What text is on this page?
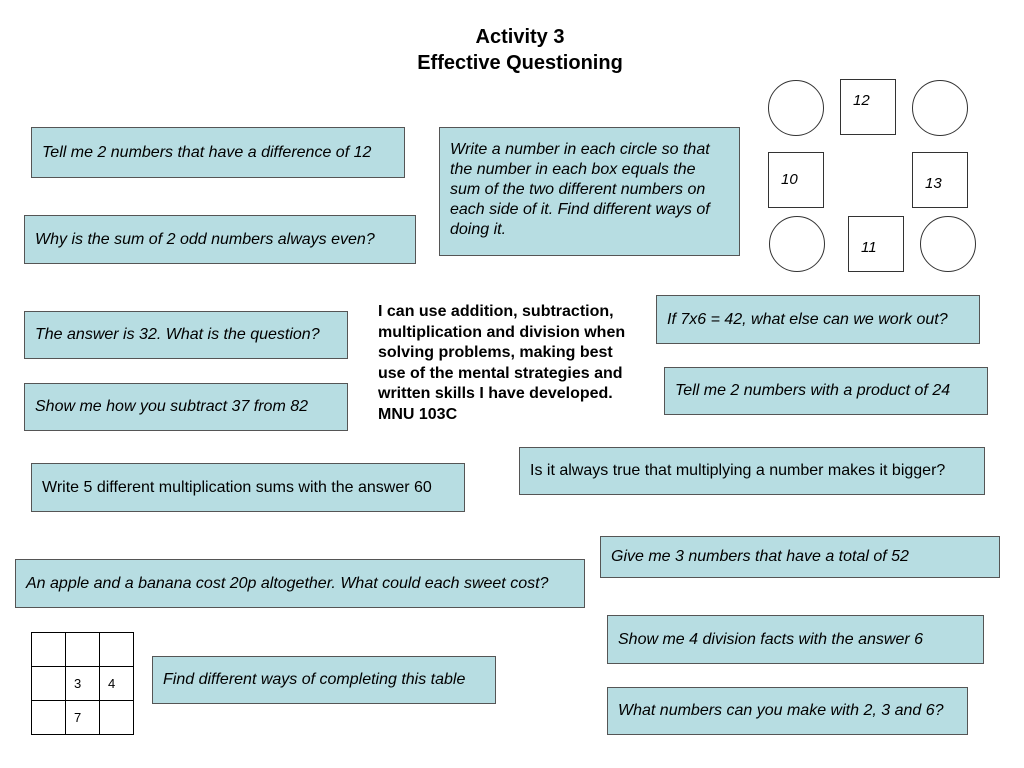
Activity 3
Effective Questioning
Tell me 2 numbers that have a difference of 12
Why is the sum of 2 odd numbers always even?
Write a number in each circle so that the number in each box equals the sum of the two different numbers on each side of it. Find different ways of doing it.
12
10	13
11
The answer is 32. What is the question?
Show me how you subtract 37 from 82
I can use addition, subtraction,
multiplication and division when
solving problems, making best
use of the mental strategies and
written skills I have developed.
MNU 103C
If 7x6 = 42, what else can we work out?
Tell me 2 numbers with a product of 24
Is it always true that multiplying a number makes it bigger?
Write 5 different multiplication sums with the answer 60
Give me 3 numbers that have a total of 52
An apple and a banana cost 20p altogether. What could each sweet cost?
Show me 4 division facts with the answer 6

	3	4
	7	
Find different ways of completing this table
What numbers can you make with 2, 3 and 6?
